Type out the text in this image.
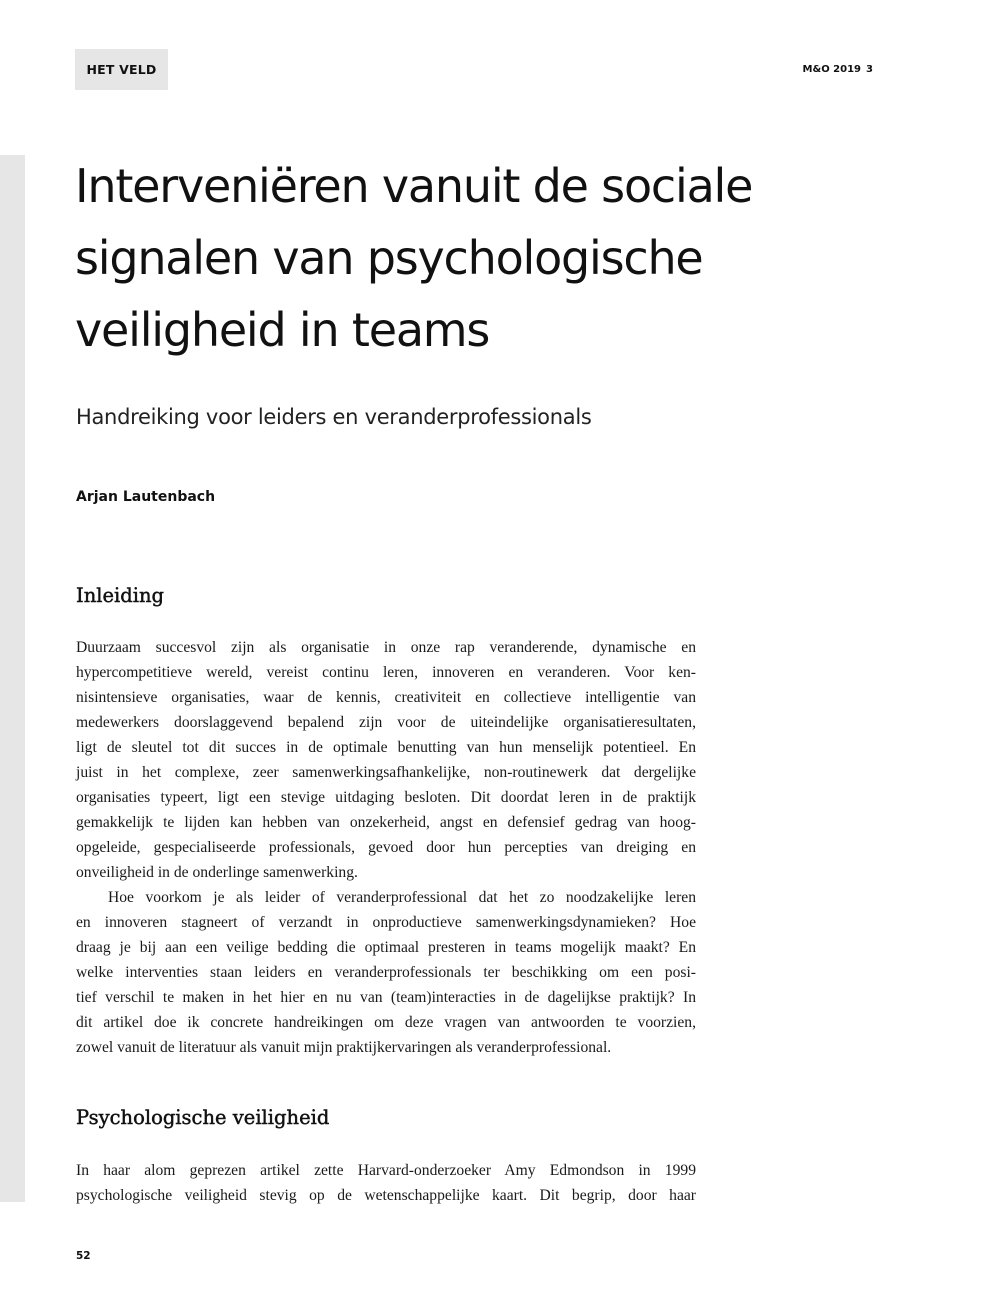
HET VELD	M&O 2019 3
Interveniëren vanuit de sociale
signalen van psychologische
veiligheid in teams

Handreiking voor leiders en veranderprofessionals

Arjan Lautenbach

Inleiding

Duurzaam succesvol zijn als organisatie in onze rap veranderende, dynamische en

hypercompetitieve wereld, vereist continu leren, innoveren en veranderen. Voor ken-

nisintensieve organisaties, waar de kennis, creativiteit en collectieve intelligentie van

medewerkers doorslaggevend bepalend zijn voor de uiteindelijke organisatieresultaten,

ligt de sleutel tot dit succes in de optimale benutting van hun menselijk potentieel. En

juist in het complexe, zeer samenwerkingsafhankelijke, non-routinewerk dat dergelijke

organisaties typeert, ligt een stevige uitdaging besloten. Dit doordat leren in de praktijk

gemakkelijk te lijden kan hebben van onzekerheid, angst en defensief gedrag van hoog-

opgeleide, gespecialiseerde professionals, gevoed door hun percepties van dreiging en

onveiligheid in de onderlinge samenwerking.

Hoe voorkom je als leider of veranderprofessional dat het zo noodzakelijke leren

en innoveren stagneert of verzandt in onproductieve samenwerkingsdynamieken? Hoe

draag je bij aan een veilige bedding die optimaal presteren in teams mogelijk maakt? En

welke interventies staan leiders en veranderprofessionals ter beschikking om een posi-

tief verschil te maken in het hier en nu van (team)interacties in de dagelijkse praktijk? In

dit artikel doe ik concrete handreikingen om deze vragen van antwoorden te voorzien,

zowel vanuit de literatuur als vanuit mijn praktijkervaringen als veranderprofessional.

Psychologische veiligheid

In haar alom geprezen artikel zette Harvard-onderzoeker Amy Edmondson in 1999

psychologische veiligheid stevig op de wetenschappelijke kaart. Dit begrip, door haar

52
